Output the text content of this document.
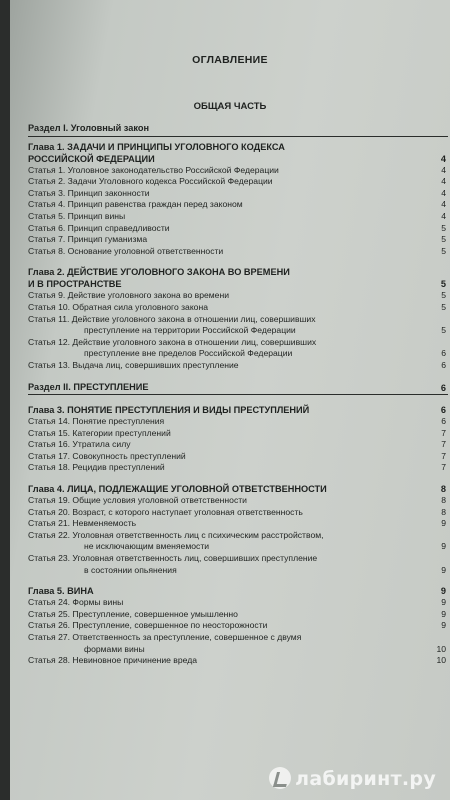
ОГЛАВЛЕНИЕ
ОБЩАЯ ЧАСТЬ
Раздел I. Уголовный закон
Глава 1. ЗАДАЧИ И ПРИНЦИПЫ УГОЛОВНОГО КОДЕКСА
РОССИЙСКОЙ ФЕДЕРАЦИИ	4
Статья 1. Уголовное законодательство Российской Федерации	4
Статья 2. Задачи Уголовного кодекса Российской Федерации	4
Статья 3. Принцип законности	4
Статья 4. Принцип равенства граждан перед законом	4
Статья 5. Принцип вины	4
Статья 6. Принцип справедливости	5
Статья 7. Принцип гуманизма	5
Статья 8. Основание уголовной ответственности	5
Глава 2. ДЕЙСТВИЕ УГОЛОВНОГО ЗАКОНА ВО ВРЕМЕНИ
И В ПРОСТРАНСТВЕ	5
Статья 9. Действие уголовного закона во времени	5
Статья 10. Обратная сила уголовного закона	5
Статья 11. Действие уголовного закона в отношении лиц, совершивших
преступление на территории Российской Федерации	5
Статья 12. Действие уголовного закона в отношении лиц, совершивших
преступление вне пределов Российской Федерации	6
Статья 13. Выдача лиц, совершивших преступление	6
Раздел II. ПРЕСТУПЛЕНИЕ	6
Глава 3. ПОНЯТИЕ ПРЕСТУПЛЕНИЯ И ВИДЫ ПРЕСТУПЛЕНИЙ	6
Статья 14. Понятие преступления	6
Статья 15. Категории преступлений	7
Статья 16. Утратила силу	7
Статья 17. Совокупность преступлений	7
Статья 18. Рецидив преступлений	7
Глава 4. ЛИЦА, ПОДЛЕЖАЩИЕ УГОЛОВНОЙ ОТВЕТСТВЕННОСТИ	8
Статья 19. Общие условия уголовной ответственности	8
Статья 20. Возраст, с которого наступает уголовная ответственность	8
Статья 21. Невменяемость	9
Статья 22. Уголовная ответственность лиц с психическим расстройством,
не исключающим вменяемости	9
Статья 23. Уголовная ответственность лиц, совершивших преступление
в состоянии опьянения	9
Глава 5. ВИНА	9
Статья 24. Формы вины	9
Статья 25. Преступление, совершенное умышленно	9
Статья 26. Преступление, совершенное по неосторожности	9
Статья 27. Ответственность за преступление, совершенное с двумя
формами вины	10
Статья 28. Невиновное причинение вреда	10
лабиринт.ру
